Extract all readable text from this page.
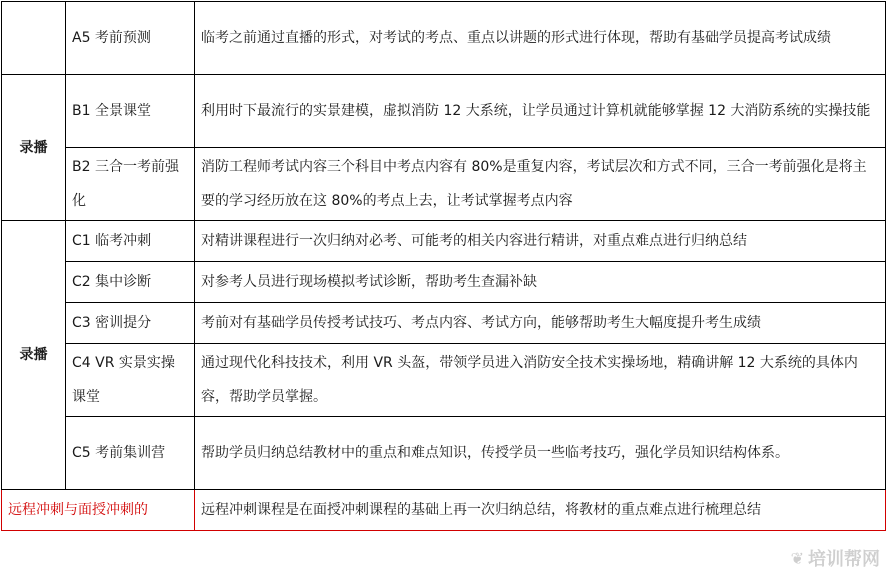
	A5 考前预测	临考之前通过直播的形式，对考试的考点、重点以讲题的形式进行体现，帮助有基础学员提高考试成绩
录播	B1 全景课堂	利用时下最流行的实景建模，虚拟消防 12 大系统，让学员通过计算机就能够掌握 12 大消防系统的实操技能
	B2 三合一考前强化	消防工程师考试内容三个科目中考点内容有 80%是重复内容，考试层次和方式不同，三合一考前强化是将主要的学习经历放在这 80%的考点上去，让考试掌握考点内容
录播	C1 临考冲刺	对精讲课程进行一次归纳对必考、可能考的相关内容进行精讲，对重点难点进行归纳总结
	C2 集中诊断	对参考人员进行现场模拟考试诊断，帮助考生查漏补缺
	C3 密训提分	考前对有基础学员传授考试技巧、考点内容、考试方向，能够帮助考生大幅度提升考生成绩
	C4 VR 实景实操课堂	通过现代化科技技术，利用 VR 头盔，带领学员进入消防安全技术实操场地，精确讲解 12 大系统的具体内容，帮助学员掌握。
	C5 考前集训营	帮助学员归纳总结教材中的重点和难点知识，传授学员一些临考技巧，强化学员知识结构体系。
远程冲刺与面授冲刺的		远程冲刺课程是在面授冲刺课程的基础上再一次归纳总结，将教材的重点难点进行梳理总结
❦ 培训帮网
